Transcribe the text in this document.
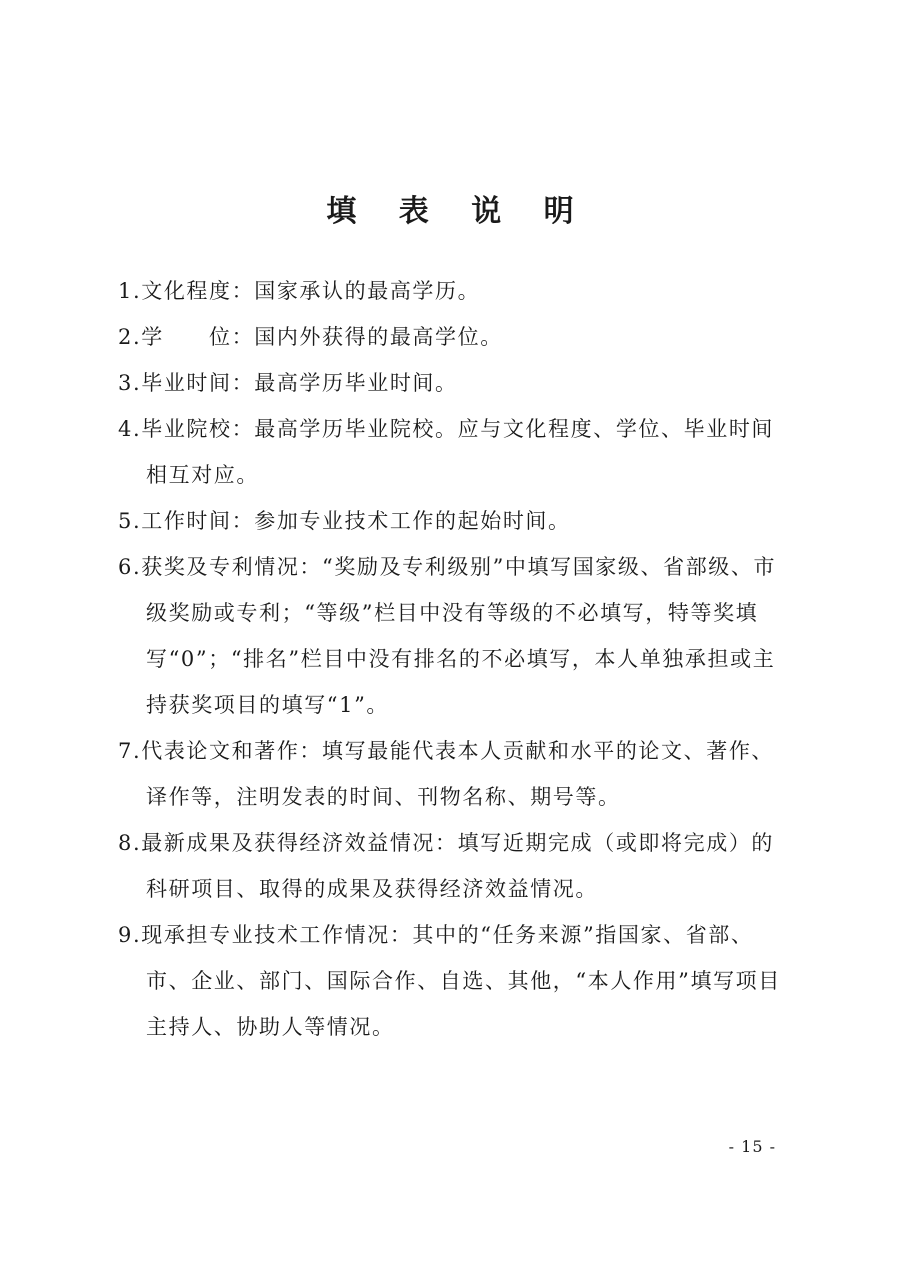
填 表 说 明
1.文化程度：国家承认的最高学历。
2.学　　位：国内外获得的最高学位。
3.毕业时间：最高学历毕业时间。
4.毕业院校：最高学历毕业院校。应与文化程度、学位、毕业时间相互对应。
5.工作时间：参加专业技术工作的起始时间。
6.获奖及专利情况：“奖励及专利级别”中填写国家级、省部级、市级奖励或专利；“等级”栏目中没有等级的不必填写，特等奖填写“0”；“排名”栏目中没有排名的不必填写，本人单独承担或主持获奖项目的填写“1”。
7.代表论文和著作：填写最能代表本人贡献和水平的论文、著作、译作等，注明发表的时间、刊物名称、期号等。
8.最新成果及获得经济效益情况：填写近期完成（或即将完成）的科研项目、取得的成果及获得经济效益情况。
9.现承担专业技术工作情况：其中的“任务来源”指国家、省部、市、企业、部门、国际合作、自选、其他，“本人作用”填写项目主持人、协助人等情况。
- 15 -
